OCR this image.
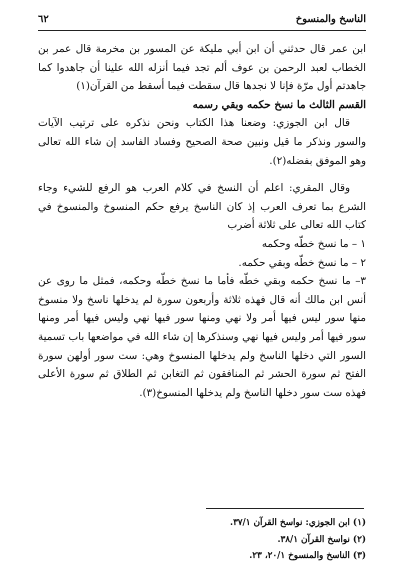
الناسخ والمنسوخ
٦٢

ابن عمر قال حدثني أن ابن أبي مليكة عن المسور بن مخرمة قال عمر بن الخطاب لعبد الرحمن بن عوف ألم تجد فيما أنزله الله علينا أن جاهدوا كما جاهدتم أول مرّة فإنا لا نجدها قال سقطت فيما أسقط من القرآن(١)

القسم الثالث ما نسخ حكمه وبقي رسمه

قال ابن الجوزي: وضعنا هذا الكتاب ونحن نذكره على ترتيب الآيات والسور ونذكر ما قيل ونبين صحة الصحيح وفساد الفاسد إن شاء الله تعالى وهو الموفق بفضله(٢).

وقال المقري: اعلم أن النسخ في كلام العرب هو الرفع للشيء وجاء الشرع بما تعرف العرب إذ كان الناسخ يرفع حكم المنسوخ والمنسوخ في كتاب الله تعالى على ثلاثة أضرب

١ – ما نسخ خطّه وحكمه

٢ – ما نسخ خطّه وبقي حكمه.

٣– ما نسخ حكمه وبقي خطّه فأما ما نسخ خطّه وحكمه، فمثل ما روى عن أنس ابن مالك أنه قال فهذه ثلاثة وأربعون سورة لم يدخلها ناسخ ولا منسوخ منها سور ليس فيها أمر ولا نهي ومنها سور فيها نهي وليس فيها أمر ومنها سور فيها أمر وليس فيها نهي وسنذكرها إن شاء الله في مواضعها باب تسمية السور التي دخلها الناسخ ولم يدخلها المنسوخ وهي: ست سور أولهن سورة الفتح ثم سورة الحشر ثم المنافقون ثم التغابن ثم الطلاق ثم سورة الأعلى فهذه ست سور دخلها الناسخ ولم يدخلها المنسوخ(٣).

(١) ابن الجوزي: نواسخ القرآن ٣٧/١.
(٢) نواسخ القرآن ٣٨/١.
(٣) الناسخ والمنسوخ ٢٠/١، ٢٣.
